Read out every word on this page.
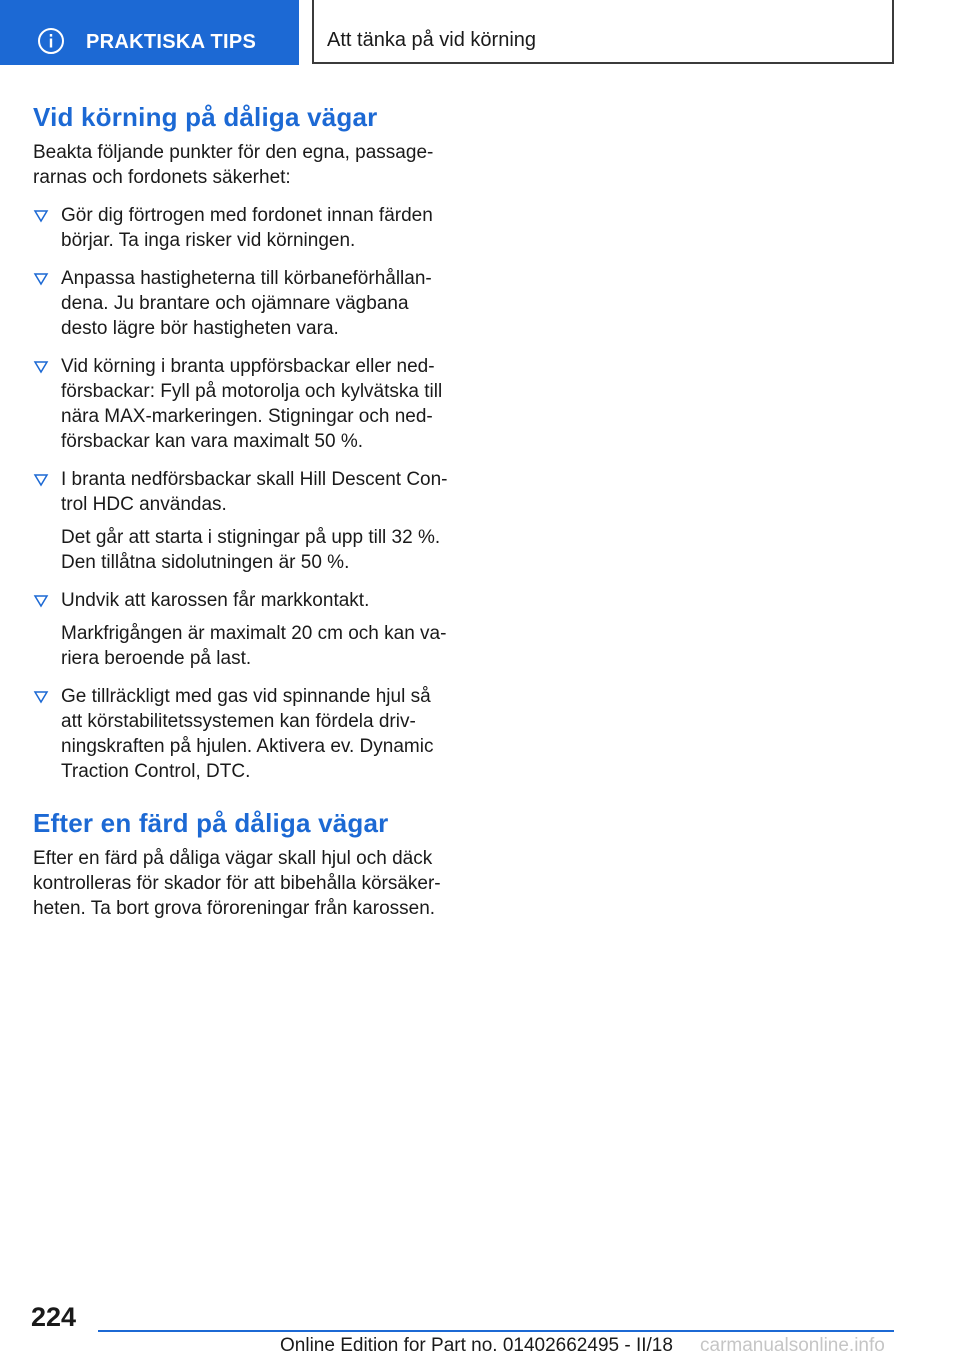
PRAKTISKA TIPS	Att tänka på vid körning
Vid körning på dåliga vägar

Beakta följande punkter för den egna, passage-rarnas och fordonets säkerhet:

Gör dig förtrogen med fordonet innan färden börjar. Ta inga risker vid körningen.

Anpassa hastigheterna till körbaneförhållan-dena. Ju brantare och ojämnare vägbana desto lägre bör hastigheten vara.

Vid körning i branta uppförsbackar eller ned-försbackar: Fyll på motorolja och kylvätska till nära MAX-markeringen. Stigningar och ned-försbackar kan vara maximalt 50 %.

I branta nedförsbackar skall Hill Descent Con-trol HDC användas.

Det går att starta i stigningar på upp till 32 %. Den tillåtna sidolutningen är 50 %.

Undvik att karossen får markkontakt.

Markfrigången är maximalt 20 cm och kan va-riera beroende på last.

Ge tillräckligt med gas vid spinnande hjul så att körstabilitetssystemen kan fördela driv-ningskraften på hjulen. Aktivera ev. Dynamic Traction Control, DTC.

Efter en färd på dåliga vägar

Efter en färd på dåliga vägar skall hjul och däck kontrolleras för skador för att bibehålla körsäker-heten. Ta bort grova föroreningar från karossen.

224
Online Edition for Part no. 01402662495 - II/18 carmanualsonline.info
